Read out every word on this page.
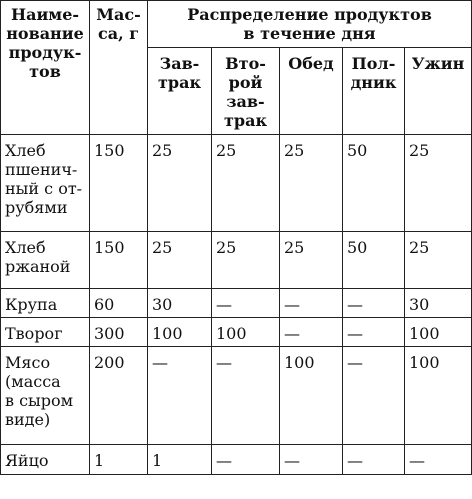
Наиме-
нование
продук-
тов	Мас-
са, г	Распределение продуктов
в течение дня				
		Зав-
трак	Вто-
рой
зав-
трак	Обед	Пол-
дник	Ужин
Хлеб
пшенич-
ный с от-
рубями	150	25	25	25	50	25
Хлеб
ржаной	150	25	25	25	50	25
Крупа	60	30	—	—	—	30
Творог	300	100	100	—	—	100
Мясо
(масса
в сыром
виде)	200	—	—	100	—	100
Яйцо	1	1	—	—	—	—
